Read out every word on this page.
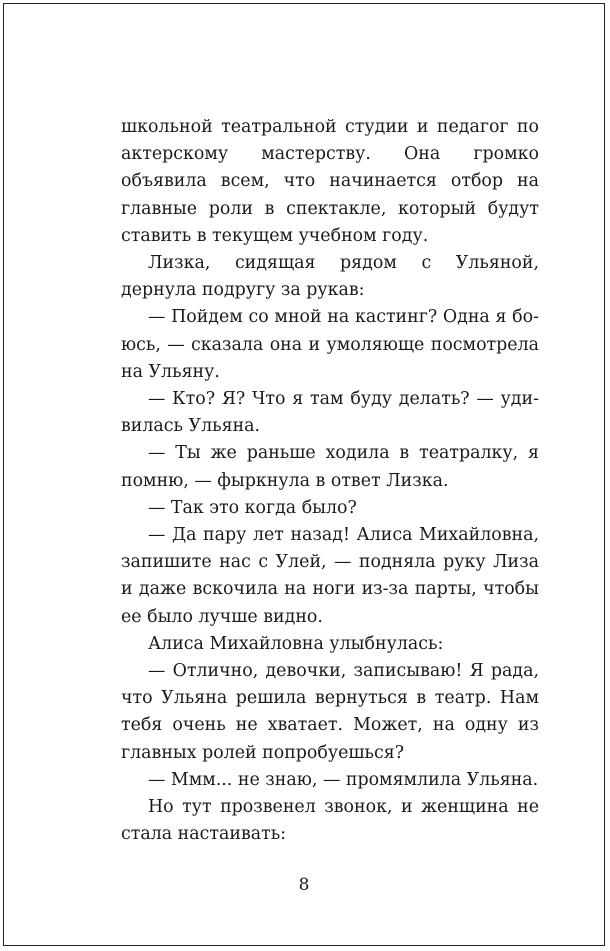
школьной театральной студии и педагог по актерскому мастерству. Она громко объявила всем, что начинается отбор на главные роли в спектакле, который будут ставить в текущем учебном году.

Лизка, сидящая рядом с Ульяной, дернула подругу за рукав:

— Пойдем со мной на кастинг? Одна я боюсь, — сказала она и умоляюще посмотрела на Ульяну.

— Кто? Я? Что я там буду делать? — удивилась Ульяна.

— Ты же раньше ходила в театралку, я помню, — фыркнула в ответ Лизка.

— Так это когда было?

— Да пару лет назад! Алиса Михайловна, запишите нас с Улей, — подняла руку Лиза и даже вскочила на ноги из-за парты, чтобы ее было лучше видно.

Алиса Михайловна улыбнулась:

— Отлично, девочки, записываю! Я рада, что Ульяна решила вернуться в театр. Нам тебя очень не хватает. Может, на одну из главных ролей попробуешься?

— Ммм... не знаю, — промямлила Ульяна.

Но тут прозвенел звонок, и женщина не стала настаивать:

8
